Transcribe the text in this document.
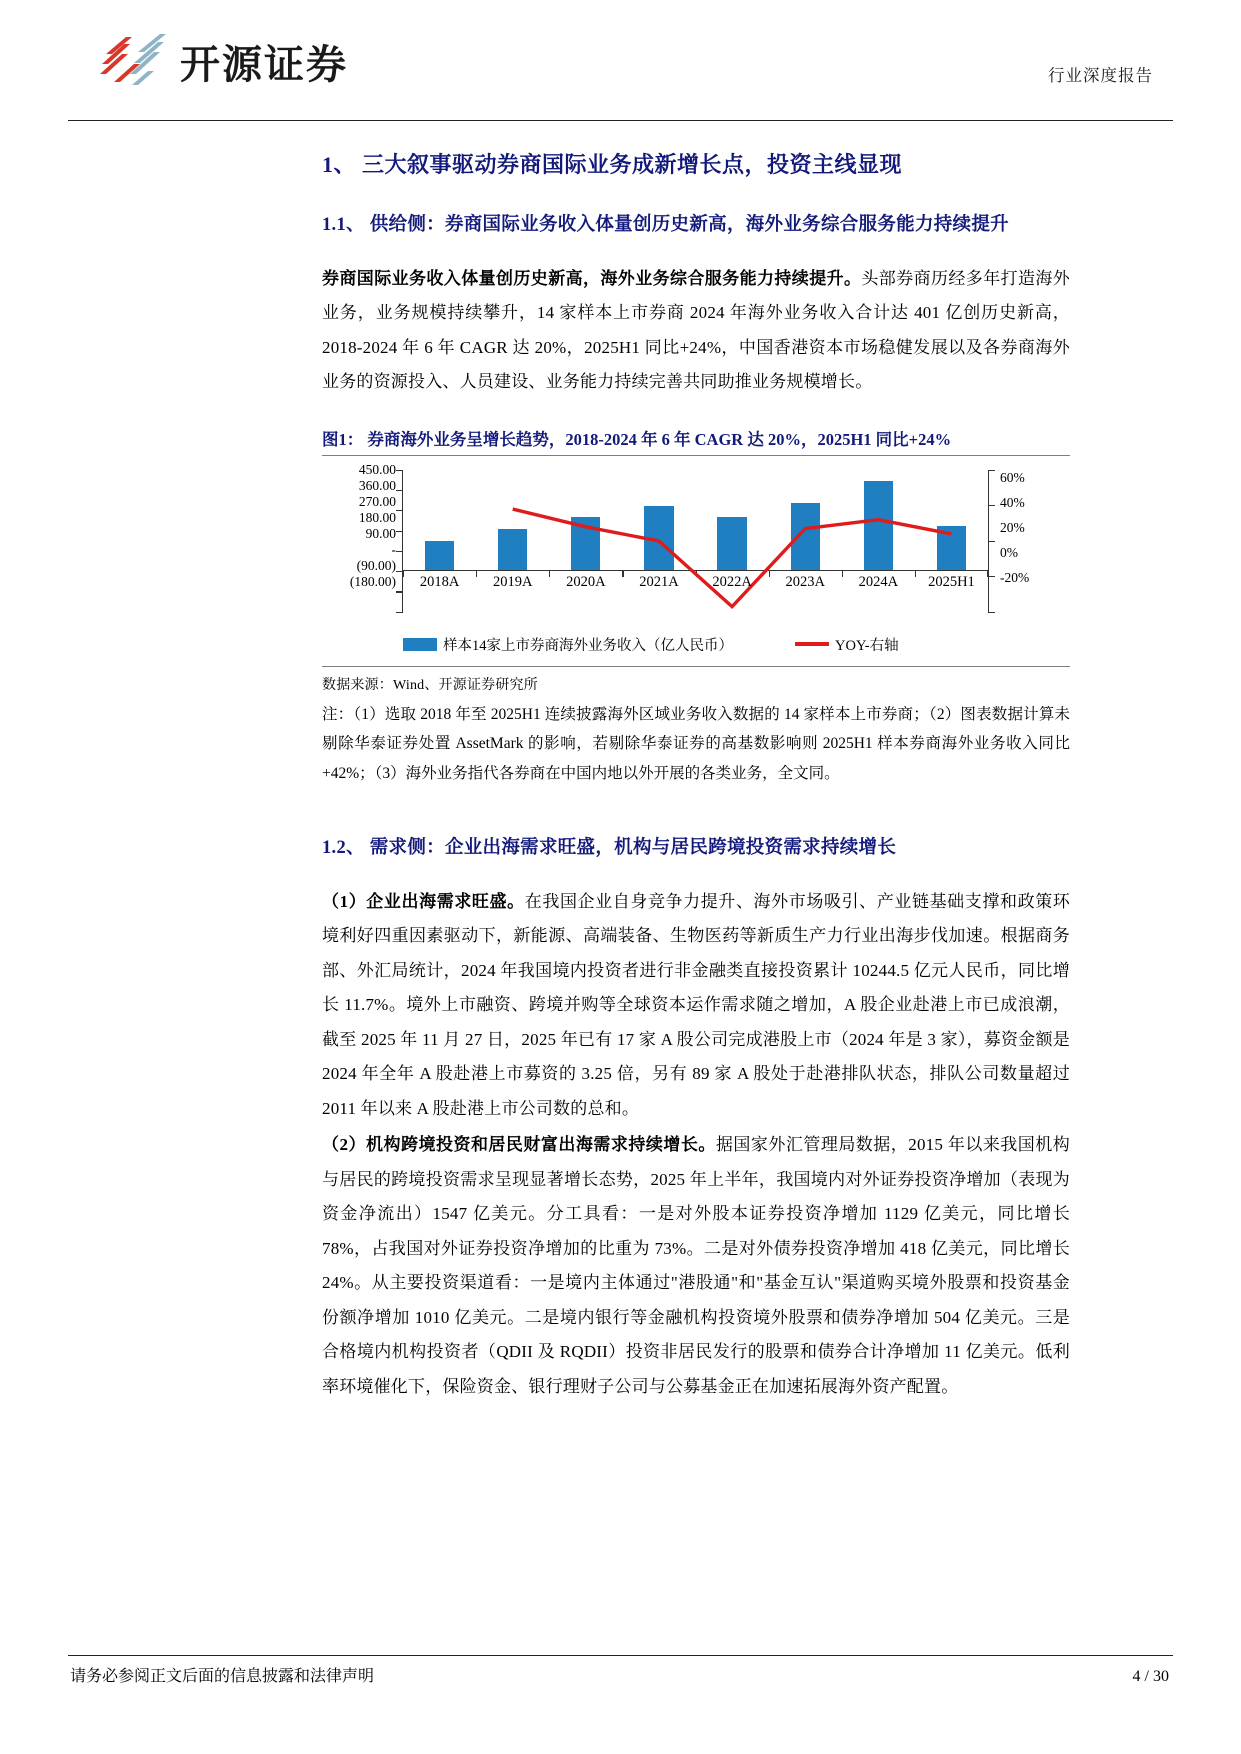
开源证券	行业深度报告
1、 三大叙事驱动券商国际业务成新增长点，投资主线显现
1.1、 供给侧：券商国际业务收入体量创历史新高，海外业务综合服务能力持续提升

券商国际业务收入体量创历史新高，海外业务综合服务能力持续提升。头部券商历经多年打造海外业务，业务规模持续攀升，14 家样本上市券商 2024 年海外业务收入合计达 401 亿创历史新高，2018-2024 年 6 年 CAGR 达 20%，2025H1 同比+24%，中国香港资本市场稳健发展以及各券商海外业务的资源投入、人员建设、业务能力持续完善共同助推业务规模增长。

图1： 券商海外业务呈增长趋势，2018-2024 年 6 年 CAGR 达 20%，2025H1 同比+24%
450.00
360.00
270.00
180.00
90.00
-
(90.00)
(180.00)
60%
40%
20%
0%
-20%
2018A	2019A	2020A	2021A	2022A	2023A	2024A	2025H1
样本14家上市券商海外业务收入（亿人民币）	YOY-右轴
数据来源：Wind、开源证券研究所
注：（1）选取 2018 年至 2025H1 连续披露海外区域业务收入数据的 14 家样本上市券商；（2）图表数据计算未剔除华泰证券处置 AssetMark 的影响，若剔除华泰证券的高基数影响则 2025H1 样本券商海外业务收入同比+42%；（3）海外业务指代各券商在中国内地以外开展的各类业务，全文同。
1.2、 需求侧：企业出海需求旺盛，机构与居民跨境投资需求持续增长

（1）企业出海需求旺盛。在我国企业自身竞争力提升、海外市场吸引、产业链基础支撑和政策环境利好四重因素驱动下，新能源、高端装备、生物医药等新质生产力行业出海步伐加速。根据商务部、外汇局统计，2024 年我国境内投资者进行非金融类直接投资累计 10244.5 亿元人民币，同比增长 11.7%。境外上市融资、跨境并购等全球资本运作需求随之增加，A 股企业赴港上市已成浪潮，截至 2025 年 11 月 27 日，2025 年已有 17 家 A 股公司完成港股上市（2024 年是 3 家），募资金额是 2024 年全年 A 股赴港上市募资的 3.25 倍，另有 89 家 A 股处于赴港排队状态，排队公司数量超过 2011 年以来 A 股赴港上市公司数的总和。

（2）机构跨境投资和居民财富出海需求持续增长。据国家外汇管理局数据，2015 年以来我国机构与居民的跨境投资需求呈现显著增长态势，2025 年上半年，我国境内对外证券投资净增加（表现为资金净流出）1547 亿美元。分工具看：一是对外股本证券投资净增加 1129 亿美元，同比增长 78%，占我国对外证券投资净增加的比重为 73%。二是对外债券投资净增加 418 亿美元，同比增长 24%。从主要投资渠道看：一是境内主体通过"港股通"和"基金互认"渠道购买境外股票和投资基金份额净增加 1010 亿美元。二是境内银行等金融机构投资境外股票和债券净增加 504 亿美元。三是合格境内机构投资者（QDII 及 RQDII）投资非居民发行的股票和债券合计净增加 11 亿美元。低利率环境催化下，保险资金、银行理财子公司与公募基金正在加速拓展海外资产配置。

请务必参阅正文后面的信息披露和法律声明	4 / 30
